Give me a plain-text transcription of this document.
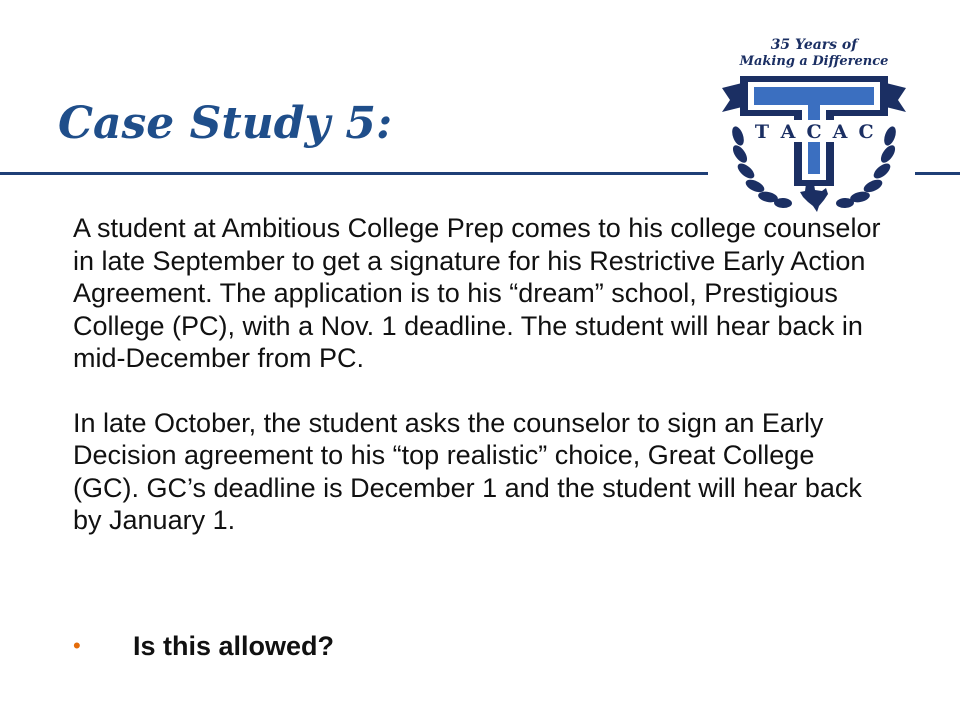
Case Study 5:
35 Years of
Making a Difference
T A C A C

A student at Ambitious College Prep comes to his college counselor in late September to get a signature for his Restrictive Early Action Agreement. The application is to his “dream” school, Prestigious College (PC), with a Nov. 1 deadline. The student will hear back in mid-December from PC.

In late October, the student asks the counselor to sign an Early Decision agreement to his “top realistic” choice, Great College (GC). GC’s deadline is December 1 and the student will hear back by January 1.

•	Is this allowed?
